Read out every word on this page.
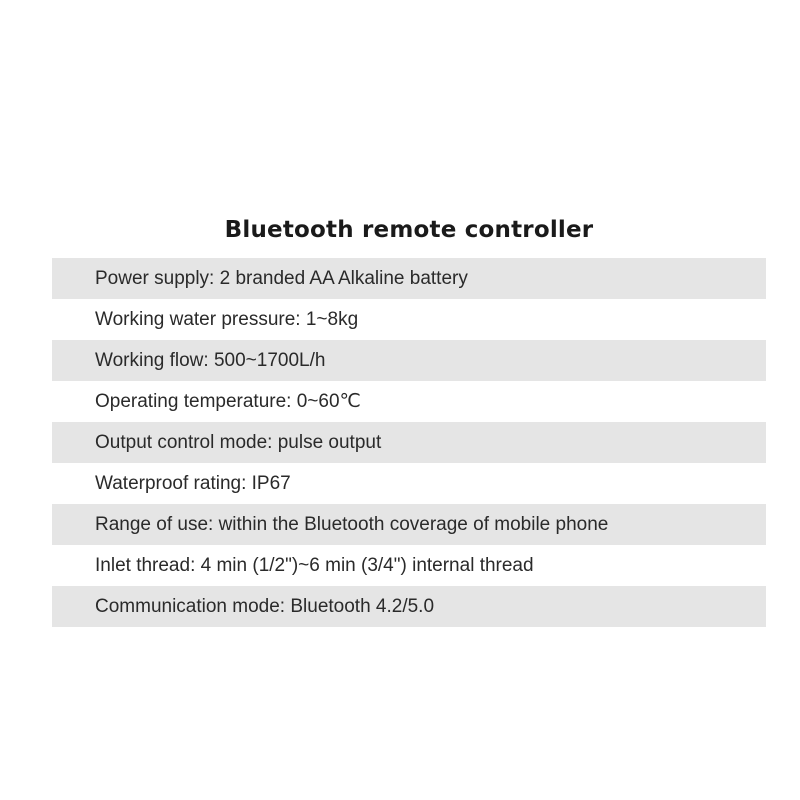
Bluetooth remote controller
Power supply: 2 branded AA Alkaline battery
Working water pressure: 1~8kg
Working flow: 500~1700L/h
Operating temperature: 0~60℃
Output control mode: pulse output
Waterproof rating: IP67
Range of use: within the Bluetooth coverage of mobile phone
Inlet thread: 4 min (1/2")~6 min (3/4") internal thread
Communication mode: Bluetooth 4.2/5.0
